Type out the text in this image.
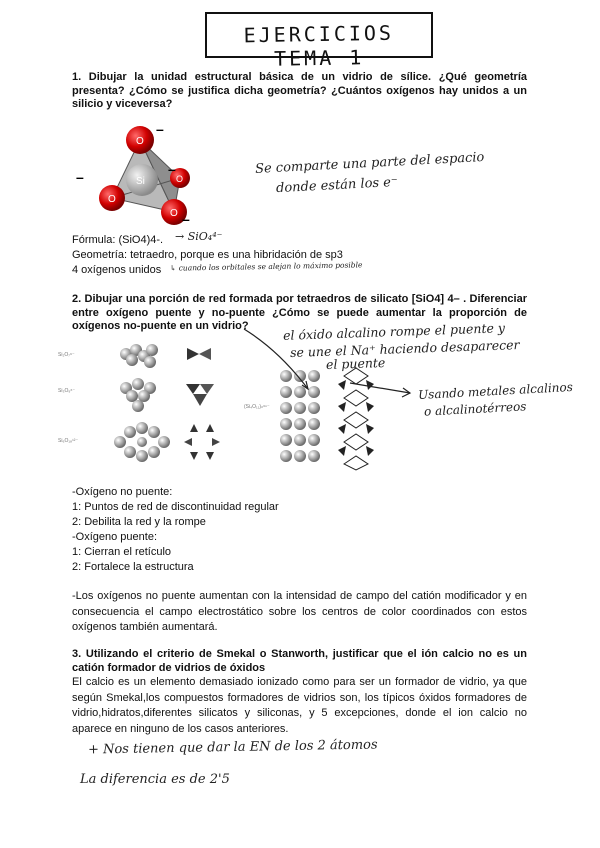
EJERCICIOS TEMA 1
1. Dibujar la unidad estructural básica de un vidrio de sílice. ¿Qué geometría presenta? ¿Cómo se justifica dicha geometría? ¿Cuántos oxígenos hay unidos a un silicio y viceversa?
Si
O
O
O
O
–
–	–
–
Se comparte una parte del espacio
donde están los e⁻
Fórmula: (SiO4)4-.	→ SiO₄⁴⁻
Geometría: tetraedro, porque es una hibridación de sp3
4 oxígenos unidos	↳ cuando los orbitales se alejan lo máximo posible
2. Dibujar una porción de red formada por tetraedros de silicato [SiO4] 4– . Diferenciar entre oxígeno puente y no-puente ¿Cómo se puede aumentar la proporción de oxígenos no-puente en un vidrio?
Si₂O₇⁶⁻
Si₃O₉⁶⁻
Si₆O₁₈¹²⁻
(Si₄O₁₁)ₙ⁶ⁿ⁻
el óxido alcalino rompe el puente y
se une el Na⁺ haciendo desaparecer
el puente
Usando metales alcalinos
o alcalinotérreos
-Oxígeno no puente:
1: Puntos de red de discontinuidad regular
2: Debilita la red y la rompe
-Oxígeno puente:
1: Cierran el retículo
2: Fortalece la estructura
-Los oxígenos no puente aumentan con la intensidad de campo del catión modificador y en consecuencia el campo electrostático sobre los centros de color coordinados con estos oxígenos también aumentará.
3. Utilizando el criterio de Smekal o Stanworth, justificar que el ión calcio no es un catión formador de vidrios de óxidos
El calcio es un elemento demasiado ionizado como para ser un formador de vidrio, ya que según Smekal,los compuestos formadores de vidrios son, los típicos óxidos formadores de vidrio,hidratos,diferentes silicatos y siliconas, y 5 excepciones, donde el ion calcio no aparece en ninguno de los casos anteriores.
+ Nos tienen que dar la EN de los 2 átomos
La diferencia es de 2'5
